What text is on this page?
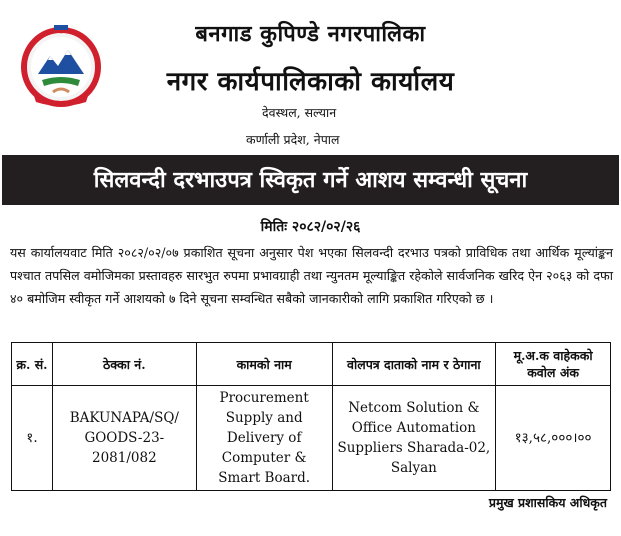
बनगाड कुपिण्डे नगरपालिका
नगर कार्यपालिकाको कार्यालय
देवस्थल, सल्यान
कर्णाली प्रदेश, नेपाल
सिलवन्दी दरभाउपत्र स्विकृत गर्ने आशय सम्वन्धी सूचना
मितिः २०८२/०२/२६
यस कार्यालयवाट मिति २०८२/०२/०७ प्रकाशित सूचना अनुसार पेश भएका सिलवन्दी दरभाउ पत्रको प्राविधिक तथा आर्थिक मूल्यांङ्कन पश्चात तपसिल वमोजिमका प्रस्तावहरु सारभुत रुपमा प्रभावग्राही तथा न्युनतम मूल्याङ्कित रहेकोले सार्वजनिक खरिद ऐन २०६३ को दफा ४० बमोजिम स्वीकृत गर्ने आशयको ७ दिने सूचना सम्वन्धित सबैको जानकारीको लागि प्रकाशित गरिएको छ ।
क्र. सं.	ठेक्का नं.	कामको नाम	वोलपत्र दाताको नाम र ठेगाना	मू.अ.क वाहेकको कवोल अंक
१.	BAKUNAPA/SQ/ GOODS-23-2081/082	Procurement Supply and Delivery of Computer & Smart Board.	Netcom Solution & Office Automation Suppliers Sharada-02, Salyan	१३,५८,०००।००
प्रमुख प्रशासकिय अधिकृत
